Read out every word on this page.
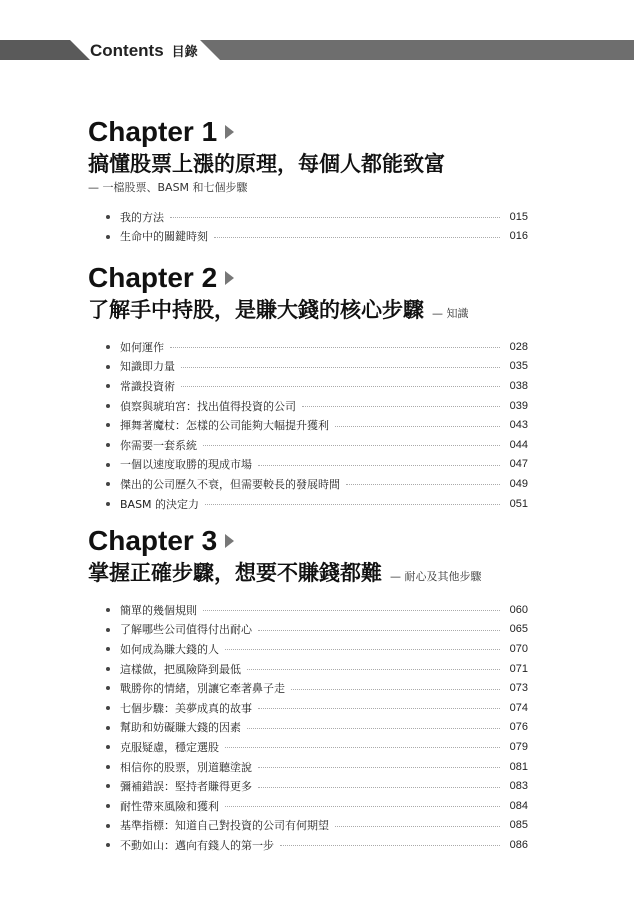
Contents 目錄
Chapter 1
搞懂股票上漲的原理，每個人都能致富
— 一檔股票、BASM 和七個步驟
我的方法	015
生命中的關鍵時刻	016
Chapter 2
了解手中持股，是賺大錢的核心步驟 — 知識
如何運作	028
知識即力量	035
常識投資術	038
偵察與琥珀宮：找出值得投資的公司	039
揮舞著魔杖：怎樣的公司能夠大幅提升獲利	043
你需要一套系統	044
一個以速度取勝的現成市場	047
傑出的公司歷久不衰，但需要較長的發展時間	049
BASM 的決定力	051
Chapter 3
掌握正確步驟，想要不賺錢都難 — 耐心及其他步驟
簡單的幾個規則	060
了解哪些公司值得付出耐心	065
如何成為賺大錢的人	070
這樣做，把風險降到最低	071
戰勝你的情緒，別讓它牽著鼻子走	073
七個步驟：美夢成真的故事	074
幫助和妨礙賺大錢的因素	076
克服疑慮，穩定選股	079
相信你的股票，別道聽塗說	081
彌補錯誤：堅持者賺得更多	083
耐性帶來風險和獲利	084
基準指標：知道自己對投資的公司有何期望	085
不動如山：邁向有錢人的第一步	086
